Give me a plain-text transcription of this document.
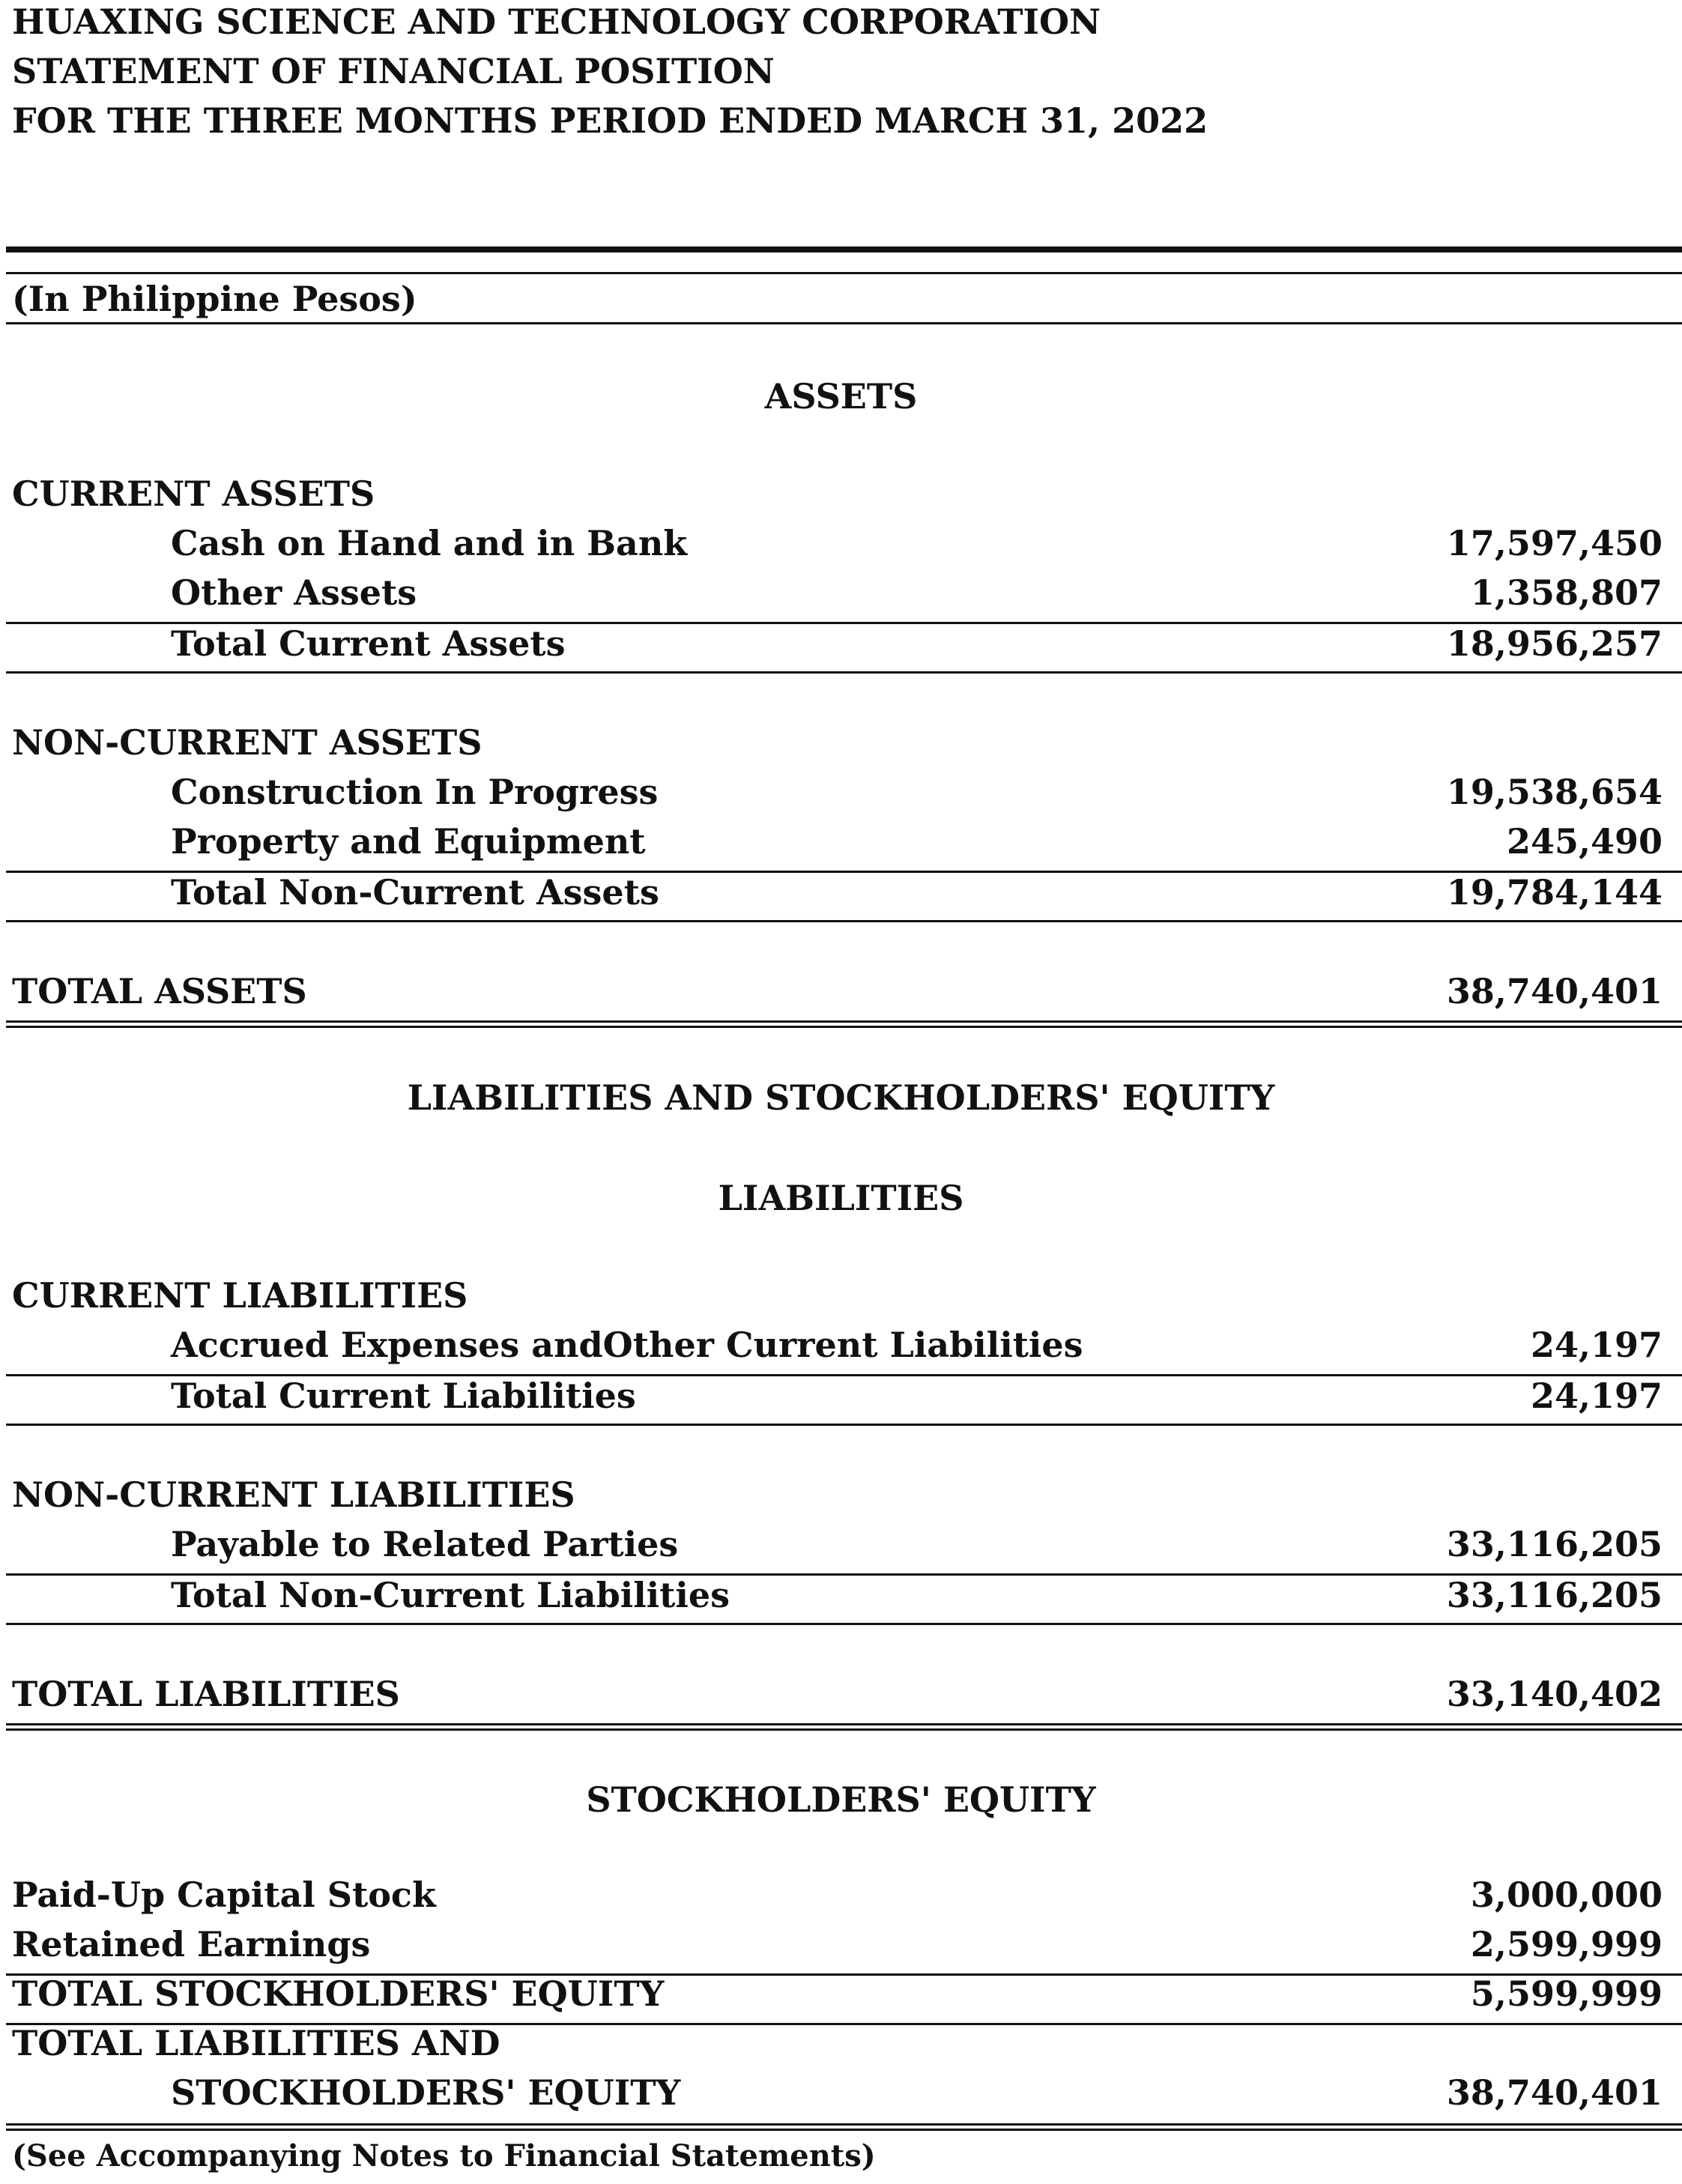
HUAXING SCIENCE AND TECHNOLOGY CORPORATION
STATEMENT OF FINANCIAL POSITION
FOR THE THREE MONTHS PERIOD ENDED MARCH 31, 2022
(In Philippine Pesos)
ASSETS
CURRENT ASSETS
Cash on Hand and in Bank	17,597,450
Other Assets	1,358,807
Total Current Assets	18,956,257
NON-CURRENT ASSETS
Construction In Progress	19,538,654
Property and Equipment	245,490
Total Non-Current Assets	19,784,144
TOTAL ASSETS	38,740,401
LIABILITIES AND STOCKHOLDERS' EQUITY
LIABILITIES
CURRENT LIABILITIES
Accrued Expenses andOther Current Liabilities	24,197
Total Current Liabilities	24,197
NON-CURRENT LIABILITIES
Payable to Related Parties	33,116,205
Total Non-Current Liabilities	33,116,205
TOTAL LIABILITIES	33,140,402
STOCKHOLDERS' EQUITY
Paid-Up Capital Stock	3,000,000
Retained Earnings	2,599,999
TOTAL STOCKHOLDERS' EQUITY	5,599,999
TOTAL LIABILITIES AND
STOCKHOLDERS' EQUITY	38,740,401
(See Accompanying Notes to Financial Statements)
